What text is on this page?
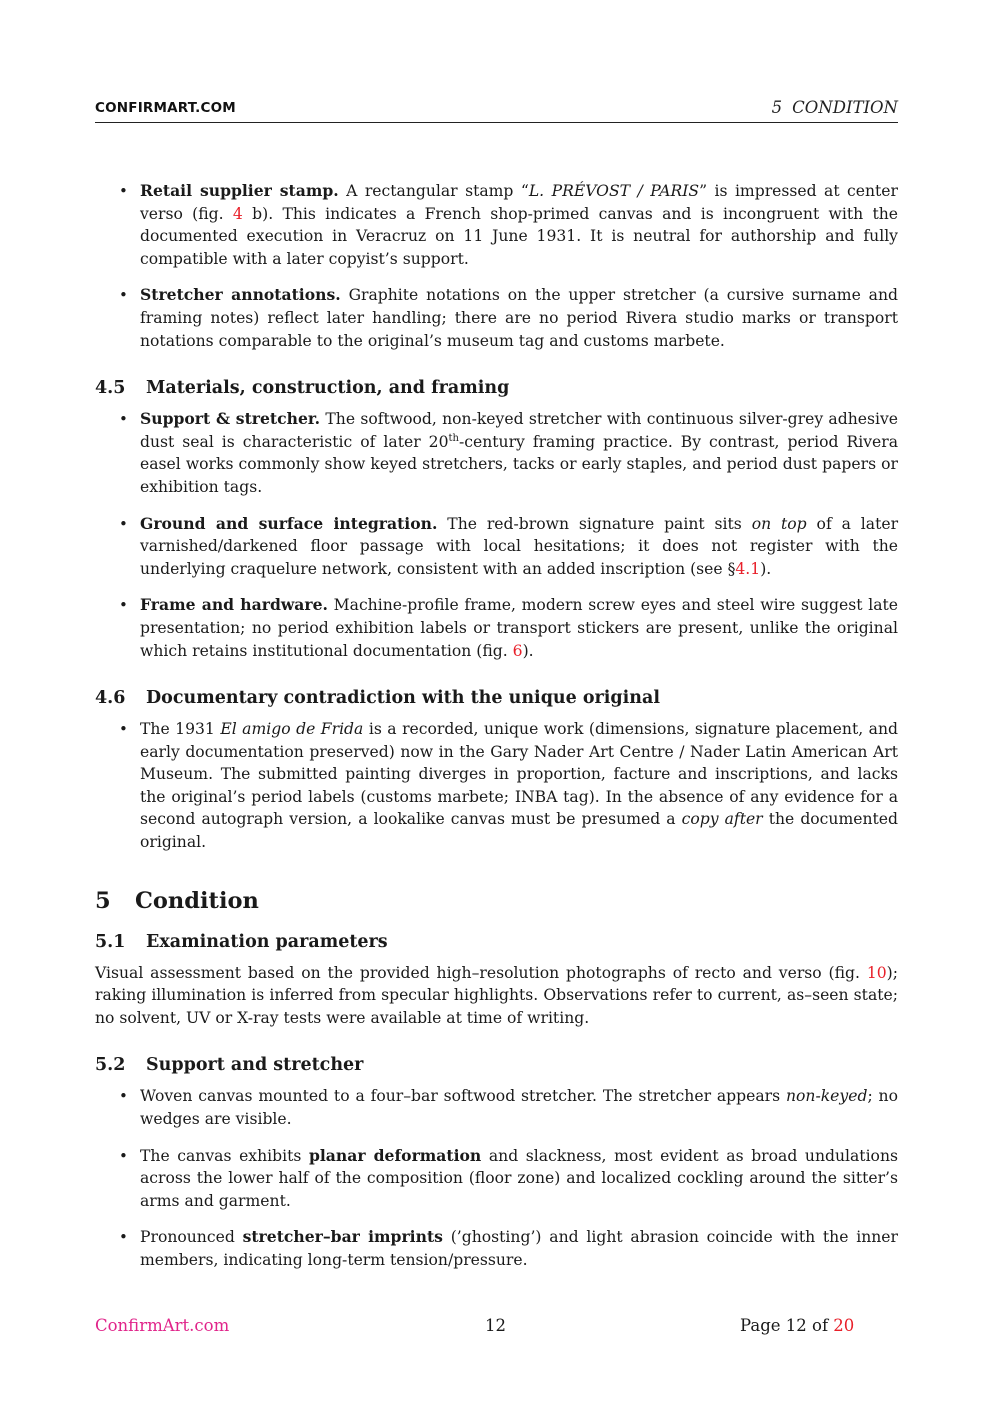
CONFIRMART.COM	5 CONDITION
• Retail supplier stamp. A rectangular stamp “L. PRÉVOST / PARIS” is impressed at center verso (fig. 4 b). This indicates a French shop-primed canvas and is incongruent with the documented execution in Veracruz on 11 June 1931. It is neutral for authorship and fully compatible with a later copyist’s support.
• Stretcher annotations. Graphite notations on the upper stretcher (a cursive surname and framing notes) reflect later handling; there are no period Rivera studio marks or transport notations comparable to the original’s museum tag and customs marbete.
4.5 Materials, construction, and framing
• Support & stretcher. The softwood, non-keyed stretcher with continuous silver-grey adhesive dust seal is characteristic of later 20th-century framing practice. By contrast, period Rivera easel works commonly show keyed stretchers, tacks or early staples, and period dust papers or exhibition tags.
• Ground and surface integration. The red-brown signature paint sits on top of a later varnished/darkened floor passage with local hesitations; it does not register with the underlying craquelure network, consistent with an added inscription (see §4.1).
• Frame and hardware. Machine-profile frame, modern screw eyes and steel wire suggest late presentation; no period exhibition labels or transport stickers are present, unlike the original which retains institutional documentation (fig. 6).
4.6 Documentary contradiction with the unique original
• The 1931 El amigo de Frida is a recorded, unique work (dimensions, signature placement, and early documentation preserved) now in the Gary Nader Art Centre / Nader Latin American Art Museum. The submitted painting diverges in proportion, facture and inscriptions, and lacks the original’s period labels (customs marbete; INBA tag). In the absence of any evidence for a second autograph version, a lookalike canvas must be presumed a copy after the documented original.
5 Condition
5.1 Examination parameters

Visual assessment based on the provided high–resolution photographs of recto and verso (fig. 10); raking illumination is inferred from specular highlights. Observations refer to current, as–seen state; no solvent, UV or X-ray tests were available at time of writing.

5.2 Support and stretcher
• Woven canvas mounted to a four–bar softwood stretcher. The stretcher appears non-keyed; no wedges are visible.
• The canvas exhibits planar deformation and slackness, most evident as broad undulations across the lower half of the composition (floor zone) and localized cockling around the sitter’s arms and garment.
• Pronounced stretcher–bar imprints (’ghosting’) and light abrasion coincide with the inner members, indicating long-term tension/pressure.
ConfirmArt.com	12	Page 12 of 20
